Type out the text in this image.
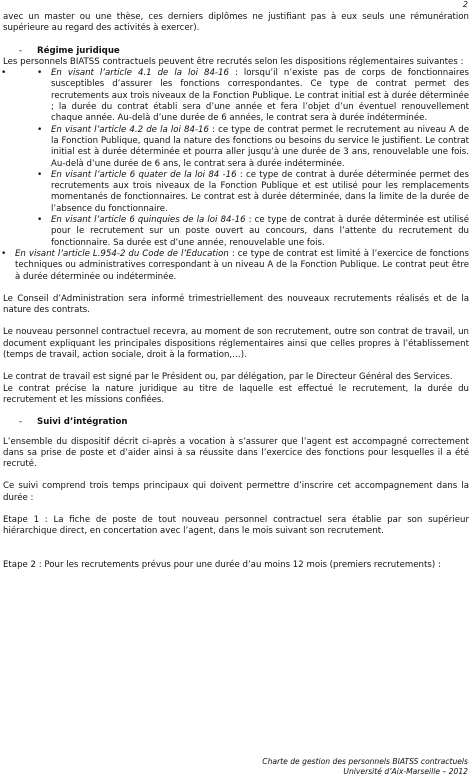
2

avec un master ou une thèse, ces derniers diplômes ne justifiant pas à eux seuls une rémunération supérieure au regard des activités à exercer).

-	Régime juridique

Les personnels BIATSS contractuels peuvent être recrutés selon les dispositions réglementaires suivantes :

• • En visant l’article 4.1 de la loi 84-16 : lorsqu’il n’existe pas de corps de fonctionnaires susceptibles d’assurer les fonctions correspondantes. Ce type de contrat permet des recrutements aux trois niveaux de la Fonction Publique. Le contrat initial est à durée déterminée ; la durée du contrat établi sera d’une année et fera l’objet d’un éventuel renouvellement chaque année. Au-delà d’une durée de 6 années, le contrat sera à durée indéterminée.
• En visant l’article 4.2 de la loi 84-16 : ce type de contrat permet le recrutement au niveau A de la Fonction Publique, quand la nature des fonctions ou besoins du service le justifient. Le contrat initial est à durée déterminée et pourra aller jusqu’à une durée de 3 ans, renouvelable une fois. Au-delà d’une durée de 6 ans, le contrat sera à durée indéterminée.
• En visant l’article 6 quater de la loi 84 -16 : ce type de contrat à durée déterminée permet des recrutements aux trois niveaux de la Fonction Publique et est utilisé pour les remplacements momentanés de fonctionnaires. Le contrat est à durée déterminée, dans la limite de la durée de l’absence du fonctionnaire.
• En visant l’article 6 quinquies de la loi 84-16 : ce type de contrat à durée déterminée est utilisé pour le recrutement sur un poste ouvert au concours, dans l’attente du recrutement du fonctionnaire. Sa durée est d’une année, renouvelable une fois.
• En visant l’article L.954-2 du Code de l’Education : ce type de contrat est limité à l’exercice de fonctions techniques ou administratives correspondant à un niveau A de la Fonction Publique. Le contrat peut être à durée déterminée ou indéterminée.

Le Conseil d’Administration sera informé trimestriellement des nouveaux recrutements réalisés et de la nature des contrats.

Le nouveau personnel contractuel recevra, au moment de son recrutement, outre son contrat de travail, un document expliquant les principales dispositions réglementaires ainsi que celles propres à l’établissement (temps de travail, action sociale, droit à la formation,…).

Le contrat de travail est signé par le Président ou, par délégation, par le Directeur Général des Services.

Le contrat précise la nature juridique au titre de laquelle est effectué le recrutement, la durée du recrutement et les missions confiées.

-	Suivi d’intégration

L’ensemble du dispositif décrit ci-après a vocation à s’assurer que l’agent est accompagné correctement dans sa prise de poste et d’aider ainsi à sa réussite dans l’exercice des fonctions pour lesquelles il a été recruté.

Ce suivi comprend trois temps principaux qui doivent permettre d’inscrire cet accompagnement dans la durée :

Etape 1 : La fiche de poste de tout nouveau personnel contractuel sera établie par son supérieur hiérarchique direct, en concertation avec l’agent, dans le mois suivant son recrutement.

Etape 2 : Pour les recrutements prévus pour une durée d’au moins 12 mois (premiers recrutements) :

Charte de gestion des personnels BIATSS contractuels
Université d’Aix-Marseille – 2012
